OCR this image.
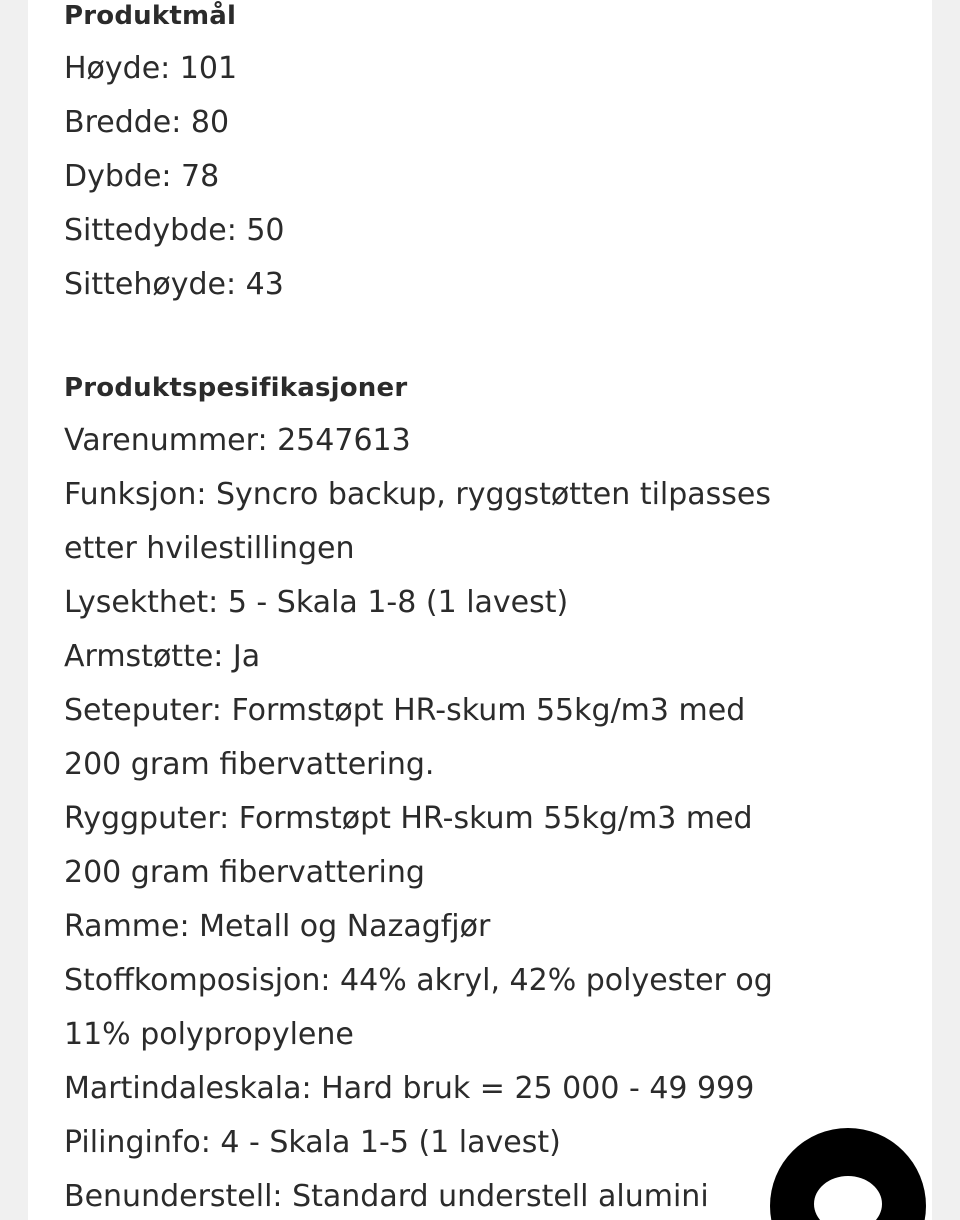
Produktmål

Høyde: 101

Bredde: 80

Dybde: 78

Sittedybde: 50

Sittehøyde: 43

Produktspesifikasjoner

Varenummer: 2547613

Funksjon: Syncro backup, ryggstøtten tilpasses

etter hvilestillingen

Lysekthet: 5 - Skala 1-8 (1 lavest)

Armstøtte: Ja

Seteputer: Formstøpt HR-skum 55kg/m3 med

200 gram fibervattering.

Ryggputer: Formstøpt HR-skum 55kg/m3 med

200 gram fibervattering

Ramme: Metall og Nazagfjør

Stoffkomposisjon: 44% akryl, 42% polyester og

11% polypropylene

Martindaleskala: Hard bruk = 25 000 - 49 999

Pilinginfo: 4 - Skala 1-5 (1 lavest)

Benunderstell: Standard understell alumini
